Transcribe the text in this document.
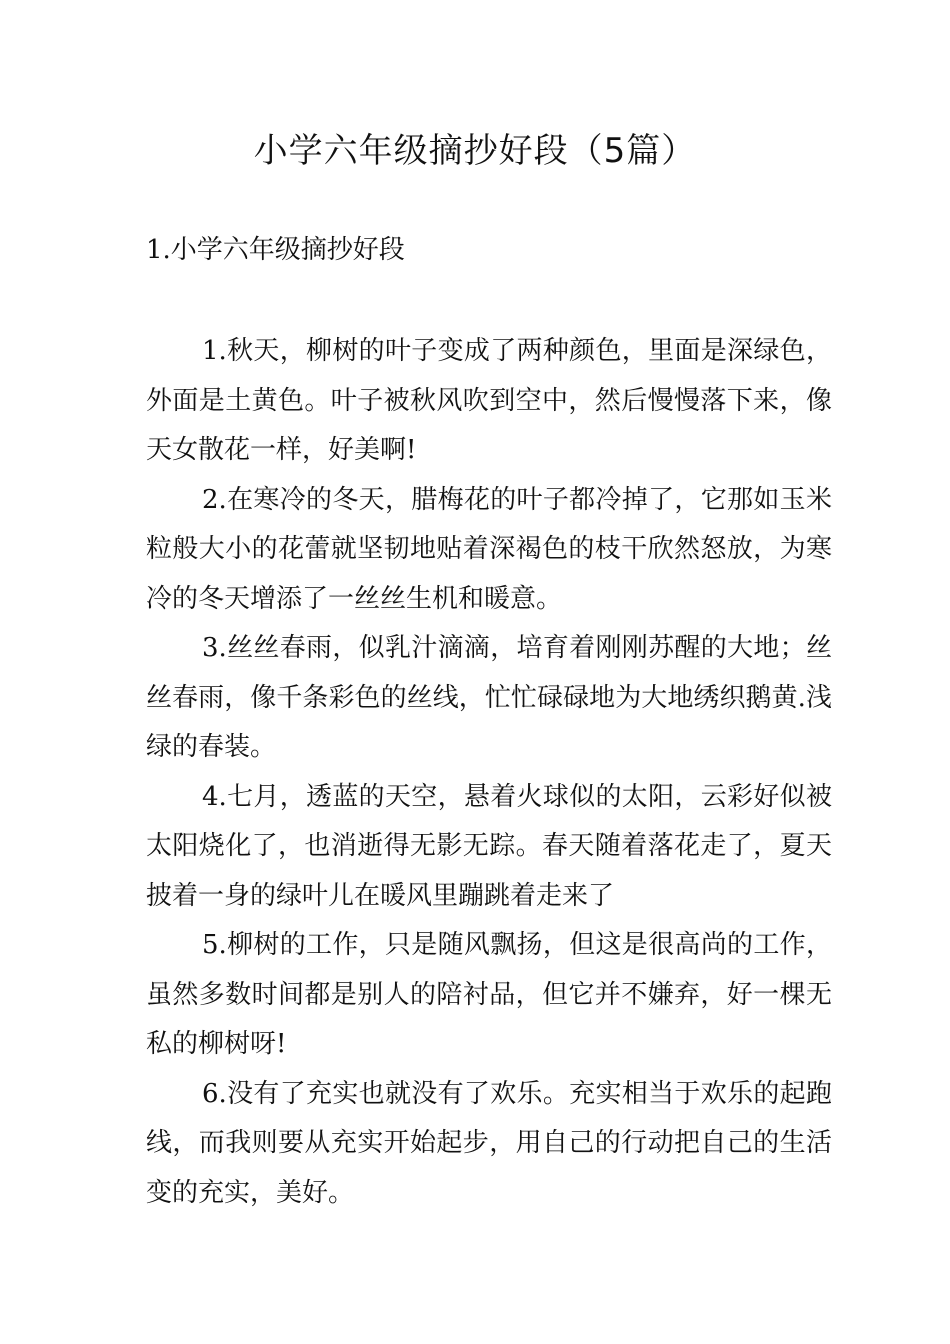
小学六年级摘抄好段（5篇）
1.小学六年级摘抄好段

1.秋天，柳树的叶子变成了两种颜色，里面是深绿色，外面是土黄色。叶子被秋风吹到空中，然后慢慢落下来，像天女散花一样，好美啊!

2.在寒冷的冬天，腊梅花的叶子都冷掉了，它那如玉米粒般大小的花蕾就坚韧地贴着深褐色的枝干欣然怒放，为寒冷的冬天增添了一丝丝生机和暖意。

3.丝丝春雨，似乳汁滴滴，培育着刚刚苏醒的大地；丝丝春雨，像千条彩色的丝线，忙忙碌碌地为大地绣织鹅黄.浅绿的春装。

4.七月，透蓝的天空，悬着火球似的太阳，云彩好似被太阳烧化了，也消逝得无影无踪。春天随着落花走了，夏天披着一身的绿叶儿在暖风里蹦跳着走来了

5.柳树的工作，只是随风飘扬，但这是很高尚的工作，虽然多数时间都是别人的陪衬品，但它并不嫌弃，好一棵无私的柳树呀!

6.没有了充实也就没有了欢乐。充实相当于欢乐的起跑线，而我则要从充实开始起步，用自己的行动把自己的生活变的充实，美好。
